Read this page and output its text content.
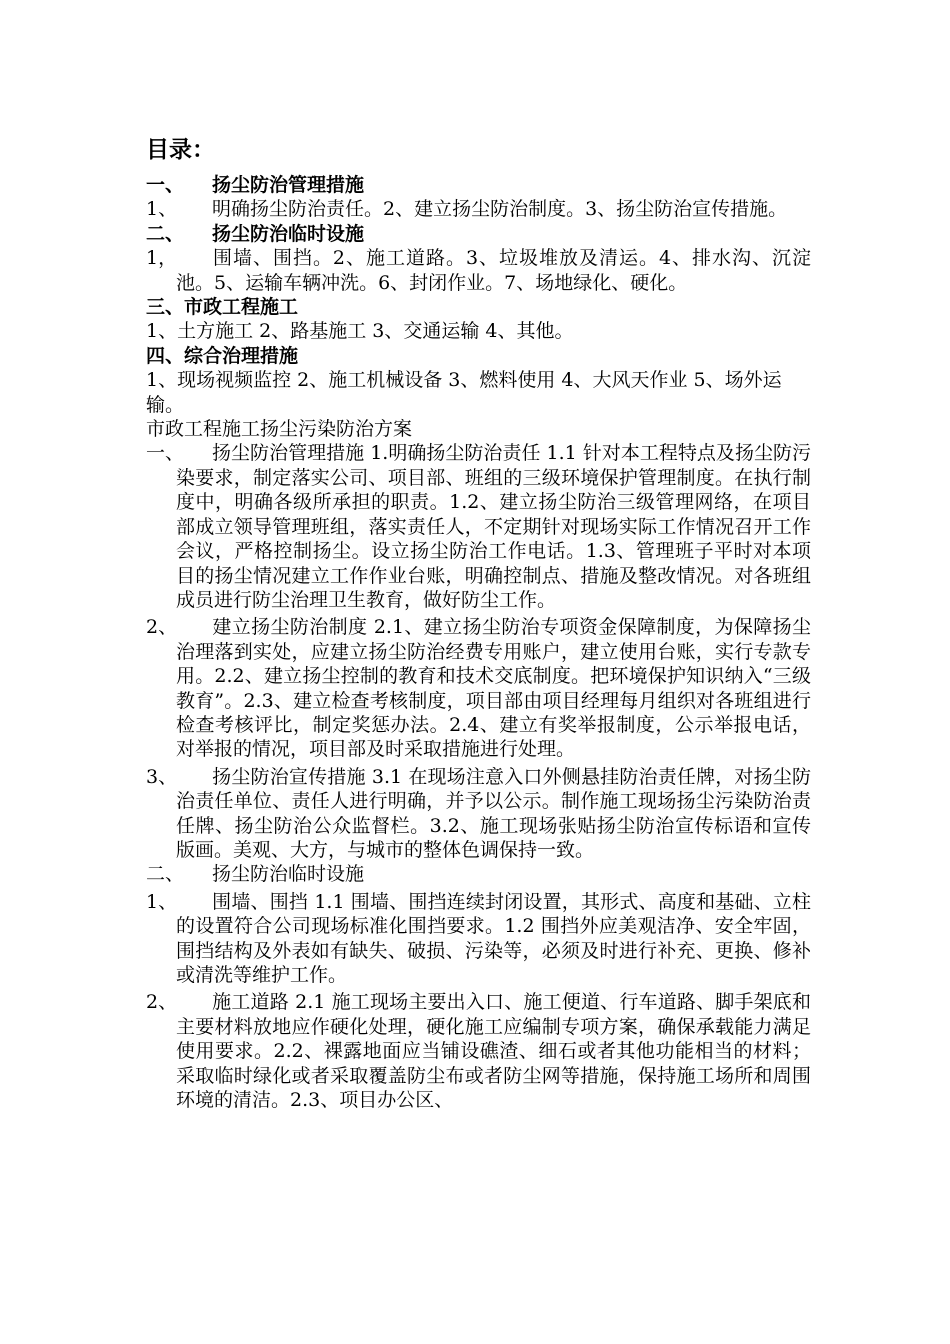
目录：

一、	扬尘防治管理措施

1、	明确扬尘防治责任。2、建立扬尘防治制度。3、扬尘防治宣传措施。

二、	扬尘防治临时设施

1，	围墙、围挡。2、施工道路。3、垃圾堆放及清运。4、排水沟、沉淀池。5、运输车辆冲洗。6、封闭作业。7、场地绿化、硬化。

三、市政工程施工

1、土方施工 2、路基施工 3、交通运输 4、其他。

四、综合治理措施

1、现场视频监控 2、施工机械设备 3、燃料使用 4、大风天作业 5、场外运输。

市政工程施工扬尘污染防治方案

一、	扬尘防治管理措施 1.明确扬尘防治责任 1.1 针对本工程特点及扬尘防污染要求，制定落实公司、项目部、班组的三级环境保护管理制度。在执行制度中，明确各级所承担的职责。1.2、建立扬尘防治三级管理网络，在项目部成立领导管理班组，落实责任人，不定期针对现场实际工作情况召开工作会议，严格控制扬尘。设立扬尘防治工作电话。1.3、管理班子平时对本项目的扬尘情况建立工作作业台账，明确控制点、措施及整改情况。对各班组成员进行防尘治理卫生教育，做好防尘工作。

2、	建立扬尘防治制度 2.1、建立扬尘防治专项资金保障制度，为保障扬尘治理落到实处，应建立扬尘防治经费专用账户，建立使用台账，实行专款专用。2.2、建立扬尘控制的教育和技术交底制度。把环境保护知识纳入“三级教育”。2.3、建立检查考核制度，项目部由项目经理每月组织对各班组进行检查考核评比，制定奖惩办法。2.4、建立有奖举报制度，公示举报电话，对举报的情况，项目部及时采取措施进行处理。

3、	扬尘防治宣传措施 3.1 在现场注意入口外侧悬挂防治责任牌，对扬尘防治责任单位、责任人进行明确，并予以公示。制作施工现场扬尘污染防治责任牌、扬尘防治公众监督栏。3.2、施工现场张贴扬尘防治宣传标语和宣传版画。美观、大方，与城市的整体色调保持一致。

二、	扬尘防治临时设施

1、	围墙、围挡 1.1 围墙、围挡连续封闭设置，其形式、高度和基础、立柱的设置符合公司现场标准化围挡要求。1.2 围挡外应美观洁净、安全牢固，围挡结构及外表如有缺失、破损、污染等，必须及时进行补充、更换、修补或清洗等维护工作。

2、	施工道路 2.1 施工现场主要出入口、施工便道、行车道路、脚手架底和主要材料放地应作硬化处理，硬化施工应编制专项方案，确保承载能力满足使用要求。2.2、裸露地面应当铺设礁渣、细石或者其他功能相当的材料；采取临时绿化或者采取覆盖防尘布或者防尘网等措施，保持施工场所和周围环境的清洁。2.3、项目办公区、
